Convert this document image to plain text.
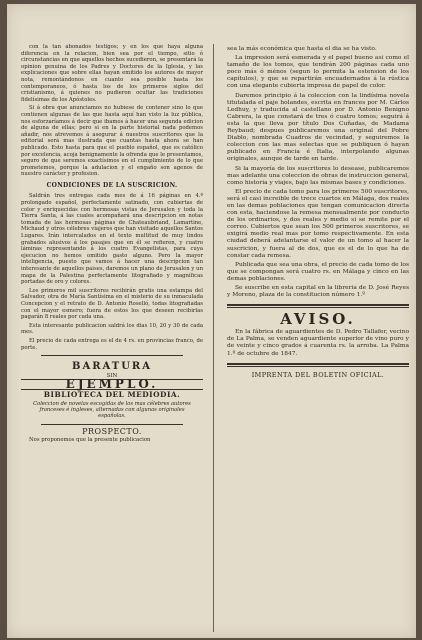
con la tan abonados testigos; y en los que haya alguna diferencia en la relacion, bien sea por el tiempo, sitio ó circunstancias en que aquellos hechos sucedieron, se presentará la opinion genuina de los Padres y Doctores de la Iglesia, y las explicaciones que sobre ellas hayan emitido los autores de mayor nota, remontándonos en cuanto sea posible hasta los contemporaneos, ó hasta los de los primeros siglos del cristianismo, á quienes no pudieron ocultar las tradiciones fidelísimas de los Apóstoles.

Si á obra que anunciamos no hubiese de contener sino lo que contienen algunas de las que hasta aquí han visto la luz pública, nos esforzaríamos á decir que ibamos á hacer una segunda edicion de alguna de ellas; pero si en la parte historial nada podemos añadir, nos atrevemos á asegurar á nuestros suscritores que la editorial será mas ilustrada que cuantas hasta ahora se han publicado. Esto hasta para que el pueblo español, que es católico por excelencia, acoja benignamente la ofrenda que le presentamos, seguro de que seremos exactísimos en el cumplimiento de lo que prometemos, porque la adulacion y el engaño son agenos de nuestro carácter y profesion.

CONDICIONES DE LA SUSCRICION.

Saldrán tres entregas cada mes de á 16 páginas en 4.º prolongado español, perfectamente satinado, con cubiertas de color y enriquecidas con hermosas vistas de Jerusalen y toda la Tierra Santa, á las cuales acompañará una descripcion en notas tomada de las hermosas páginas de Chateaubriand, Lamartine, Michaud y otros célebres viajeros que han visitado aquellos Santos Lugares. Irán intercalados en el texto multitud de muy lindos grabados alusivos á los pasajes que en él se refieren, y cuatro láminas representando á los cuatro Evangelistas, para cuya ejecucion no hemos omitido gasto alguno. Pero la mayor inteligencia, puesto que vamos á hacer una descripcion tan interesante de aquellos paises, daremos un plano de Jerusalen y un mapa de la Palestina perfectamente litografiado y magníficas portadas de oro y colores.

Los primeros mil suscritores recibirán gratis una estampa del Salvador, otra de María Santísima en el misterio de su inmaculada Concepcion y el retrato de D. Antonio Roselló, todas litografiadas con el mayor esmero; fuera de estos los que deseen recibirlas pagarán 8 reales por cada una.

Esta interesante publicacion saldrá los dias 10, 20 y 30 de cada mes.

El precio de cada entrega es el de 4 rs. en provincias franco, de porte.

BARATURA
SIN
EJEMPLO.
BIBLIOTECA DEL MEDIODIA.

Coleccion de novelas escogidas de los mas célebres autores franceses é ingleses, alternadas con algunas originales españolas.

PROSPECTO.

Nos proponemos que la presente publicacion

sea la más económica que hasta el dia se ha visto.

La impresion será esmerada y el papel bueno asi como el tamaño de los tomos, que tendrán 200 páginas cada uno poco más ó ménos (segun lo permita la estension de los capítulos), y que se repartirán encuadernados á la rústica con una elegante cubierta impresa de papel de color.

Daremos principio á la coleccion con la lindísima novela titutalada el paje holandes, escrita en frances por M. Cárlos Ledhuy, y traducida al castellano por D. Antonio Benigno Cabrera, la que constará de tres ó cuatro tomos; seguirá á esta la que lleva por título Dos Cuñadas, de Madama Reybaud; despues publicaremos una original del Pobre Diablo, nombrada Cuadros de vecindad, y seguiremos la coleccion con las mas selectas que se publiquen ó hayan publicado en Francia é Italia, interpolando algunas originales, aunque de tarde en tarde.

Si la mayoría de los suscritores lo desease, publicaremos mas adelante una coleccion de obras de instruccion general, como historia y viajes, bajo las mismas bases y condiciones.

El precio de cada tomo para los primeros 500 suscritores, será el casi increible de trece cuartos en Málaga, dos reales en las demas poblaciones que tengan comunicacion directa con esta, haciendose la remesa mensualmente por conducto de los ordinarios, y dos reales y medio si se remite por el correo. Cubiertos que sean los 500 primeros suscritores, se exigirá medio real mas por tomo respectivamente. En esta ciudad deberá adelantarse el valor de un tomo al hacer la suscricion, y fuera al de dos, que es el de lo que ha de constar cada remesa.

Publicada que sea una obra, el precio de cada tomo de los que se compongan será cuatro rs. en Málaga y cinco en las demas poblaciones.

Se suscribe en esta capital en la libreria de D. José Reyes y Moreno, plaza de la constitucion número 1.º

AVISO.

En la fábrica de aguardientes de D. Pedro Tallafer, vecino de La Palma, se venden aguardiente superior de vino puro y de veinte y cinco grados á cuarenta rs. la arroba. La Palma 1.º de octubre de 1847.

IMPRENTA DEL BOLETIN OFICIAL.
